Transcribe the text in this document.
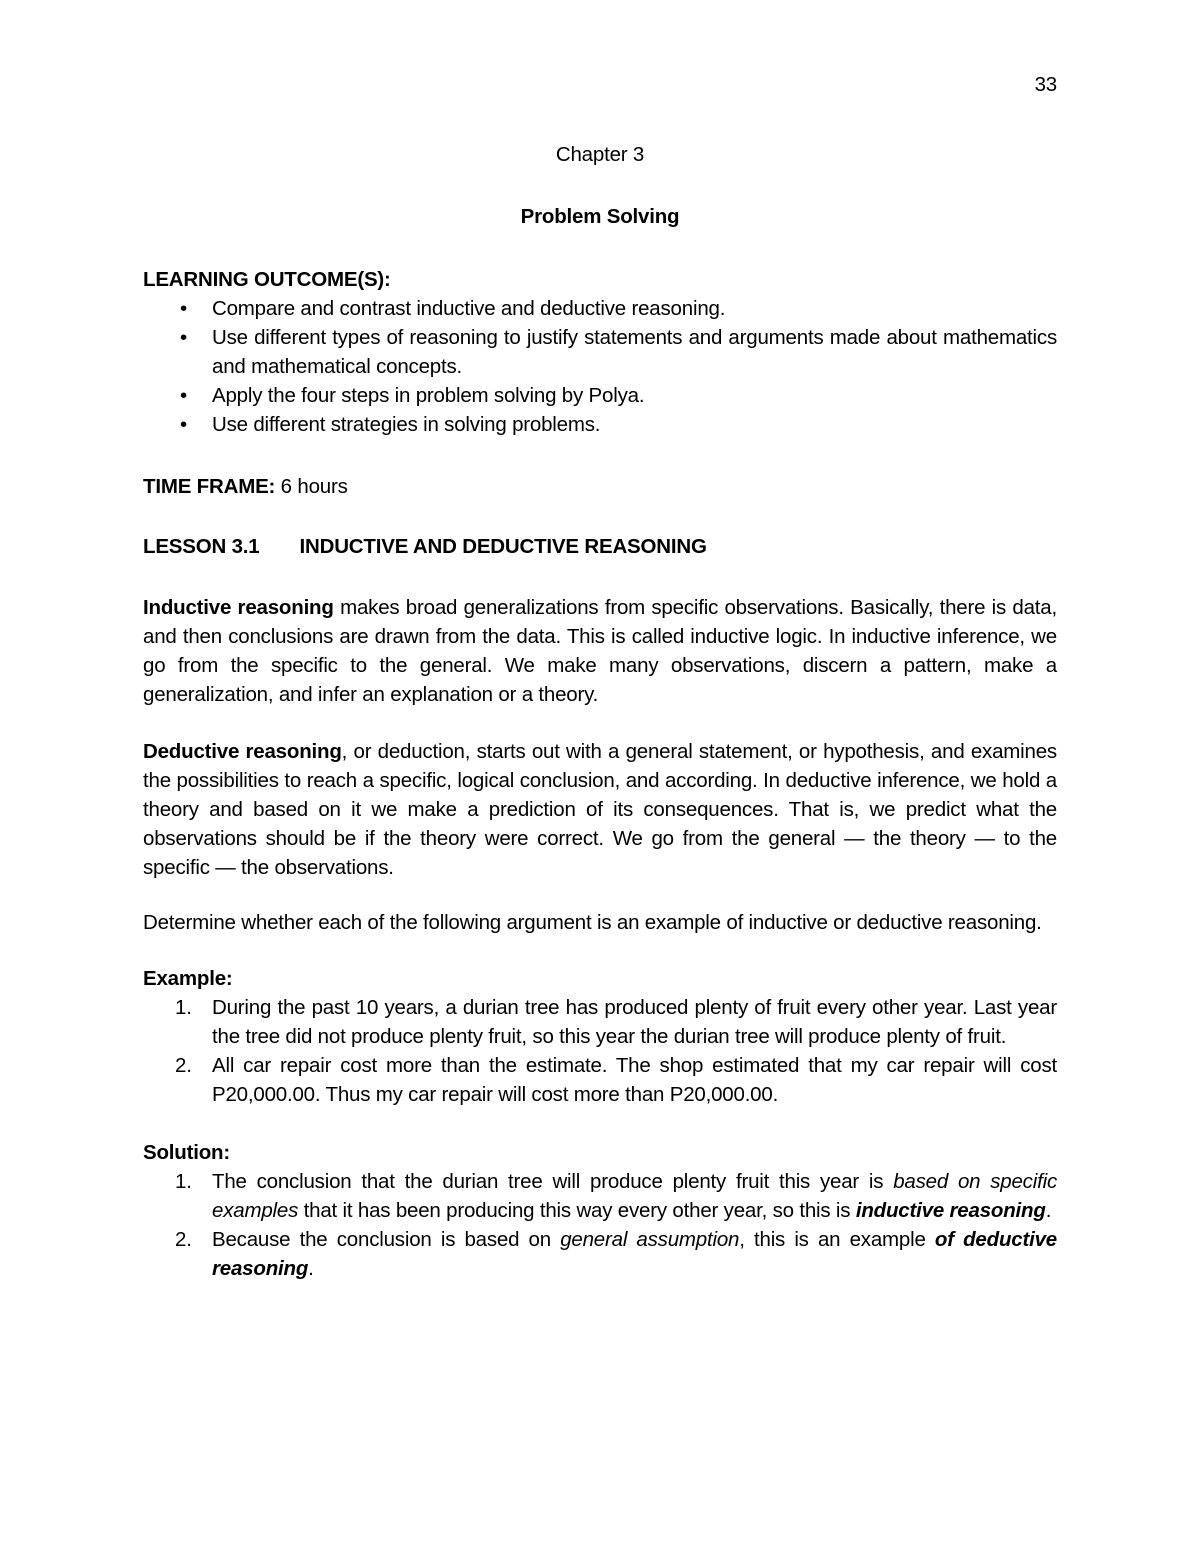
33
Chapter 3
Problem Solving

LEARNING OUTCOME(S):

• Compare and contrast inductive and deductive reasoning.
• Use different types of reasoning to justify statements and arguments made about mathematics and mathematical concepts.
• Apply the four steps in problem solving by Polya.
• Use different strategies in solving problems.

TIME FRAME: 6 hours

LESSON 3.1 INDUCTIVE AND DEDUCTIVE REASONING

Inductive reasoning makes broad generalizations from specific observations. Basically, there is data, and then conclusions are drawn from the data. This is called inductive logic. In inductive inference, we go from the specific to the general. We make many observations, discern a pattern, make a generalization, and infer an explanation or a theory.

Deductive reasoning, or deduction, starts out with a general statement, or hypothesis, and examines the possibilities to reach a specific, logical conclusion, and according. In deductive inference, we hold a theory and based on it we make a prediction of its consequences. That is, we predict what the observations should be if the theory were correct. We go from the general — the theory — to the specific — the observations.

Determine whether each of the following argument is an example of inductive or deductive reasoning.

Example:

1. During the past 10 years, a durian tree has produced plenty of fruit every other year. Last year the tree did not produce plenty fruit, so this year the durian tree will produce plenty of fruit.
2. All car repair cost more than the estimate. The shop estimated that my car repair will cost P20,000.00. Thus my car repair will cost more than P20,000.00.

Solution:

1. The conclusion that the durian tree will produce plenty fruit this year is based on specific examples that it has been producing this way every other year, so this is inductive reasoning.
2. Because the conclusion is based on general assumption, this is an example of deductive reasoning.
